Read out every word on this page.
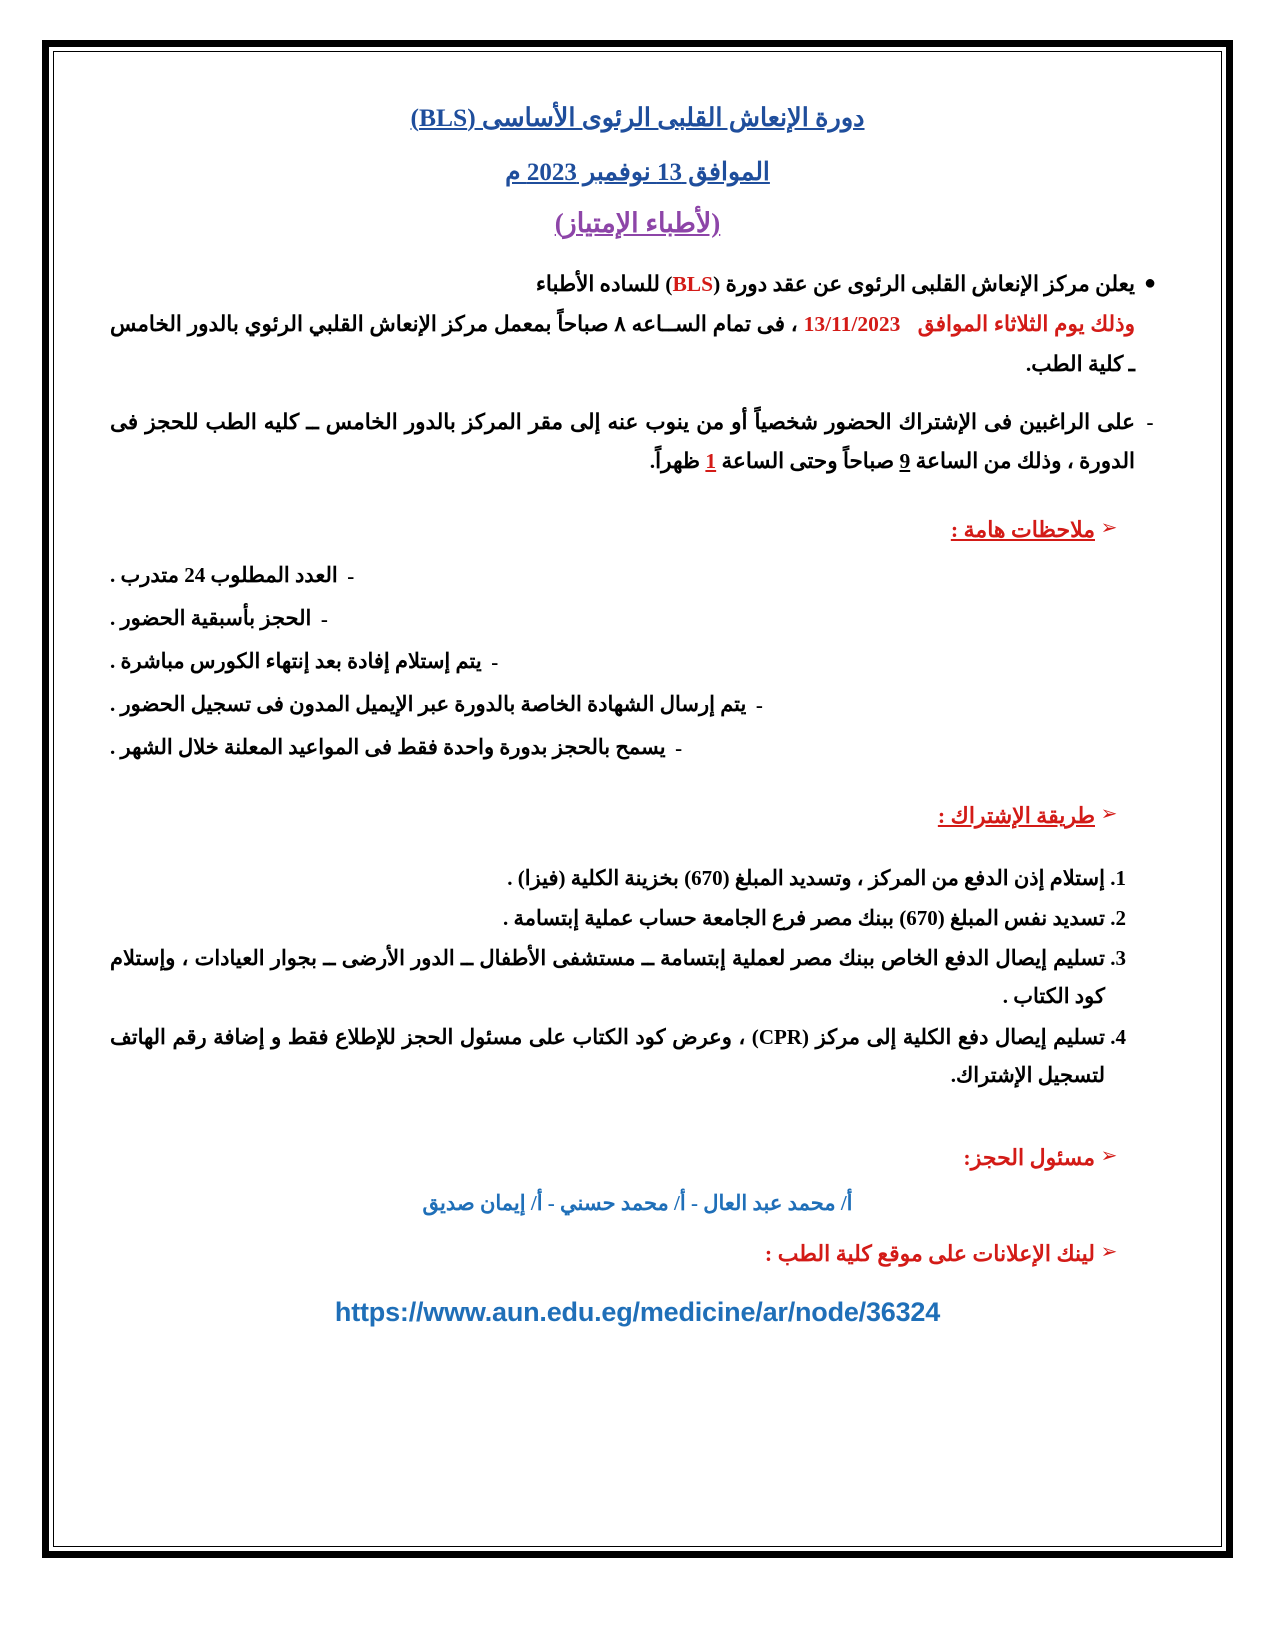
دورة الإنعاش القلبى الرئوى الأساسى (BLS)
الموافق 13 نوفمبر 2023 م
(لأطباء الإمتياز)
●
يعلن مركز الإنعاش القلبى الرئوى عن عقد دورة (BLS) للساده الأطباء
وذلك يوم الثلاثاء الموافق   13/11/2023 ، فى تمام الســاعه ٨ صباحاً بمعمل مركز الإنعاش القلبي الرئوي بالدور الخامس ـ كلية الطب.
-
على الراغبين فى الإشتراك الحضور شخصياً أو من ينوب عنه إلى مقر المركز بالدور الخامس ــ كليه الطب للحجز فى الدورة ، وذلك من الساعة 9 صباحاً وحتى الساعة 1 ظهراً.
➢
ملاحظات هامة :
-
العدد المطلوب 24 متدرب .
-
الحجز بأسبقية الحضور .
-
يتم إستلام إفادة بعد إنتهاء الكورس مباشرة .
-
يتم إرسال الشهادة الخاصة بالدورة عبر الإيميل المدون فى تسجيل الحضور .
-
يسمح بالحجز بدورة واحدة فقط فى المواعيد المعلنة خلال الشهر .
➢
طريقة الإشتراك :
1. إستلام إذن الدفع من المركز ، وتسديد المبلغ (670) بخزينة الكلية (فيزا) .
2. تسديد نفس المبلغ (670) ببنك مصر فرع الجامعة حساب عملية إبتسامة .
3. تسليم إيصال الدفع الخاص ببنك مصر لعملية إبتسامة ــ مستشفى الأطفال ــ الدور الأرضى ــ بجوار العيادات ، وإستلام كود الكتاب .
4. تسليم إيصال دفع الكلية إلى مركز (CPR) ، وعرض كود الكتاب على مسئول الحجز للإطلاع فقط و إضافة رقم الهاتف لتسجيل الإشتراك.
➢
مسئول الحجز:
أ/ محمد عبد العال - أ/ محمد حسني - أ/ إيمان صديق
➢
لينك الإعلانات على موقع كلية الطب :
https://www.aun.edu.eg/medicine/ar/node/36324
